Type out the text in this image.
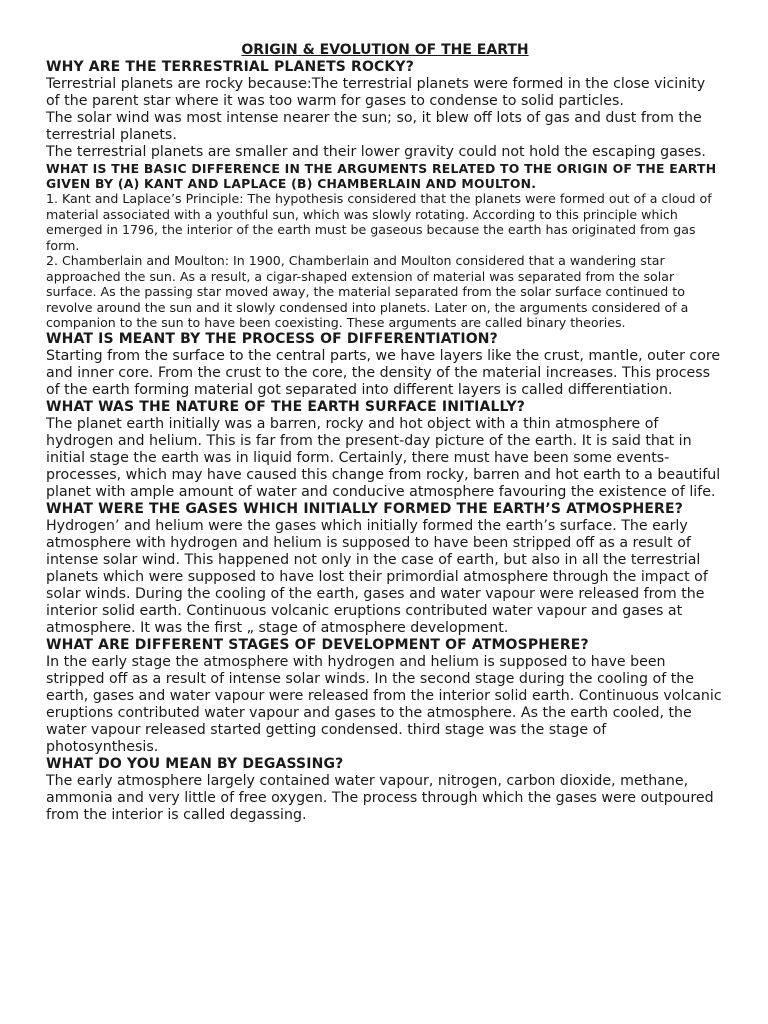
ORIGIN & EVOLUTION OF THE EARTH
WHY ARE THE TERRESTRIAL PLANETS ROCKY?

Terrestrial planets are rocky because:The terrestrial planets were formed in the close vicinity of the parent star where it was too warm for gases to condense to solid particles.

The solar wind was most intense nearer the sun; so, it blew off lots of gas and dust from the terrestrial planets.

The terrestrial planets are smaller and their lower gravity could not hold the escaping gases.

WHAT IS THE BASIC DIFFERENCE IN THE ARGUMENTS RELATED TO THE ORIGIN OF THE EARTH GIVEN BY (A) KANT AND LAPLACE (B) CHAMBERLAIN AND MOULTON.

1. Kant and Laplace’s Principle: The hypothesis considered that the planets were formed out of a cloud of material associated with a youthful sun, which was slowly rotating. According to this principle which emerged in 1796, the interior of the earth must be gaseous because the earth has originated from gas form.

2. Chamberlain and Moulton: In 1900, Chamberlain and Moulton considered that a wandering star approached the sun. As a result, a cigar-shaped extension of material was separated from the solar surface. As the passing star moved away, the material separated from the solar surface continued to revolve around the sun and it slowly condensed into planets. Later on, the arguments considered of a companion to the sun to have been coexisting. These arguments are called binary theories.

WHAT IS MEANT BY THE PROCESS OF DIFFERENTIATION?

Starting from the surface to the central parts, we have layers like the crust, mantle, outer core and inner core. From the crust to the core, the density of the material increases. This process of the earth forming material got separated into different layers is called differentiation.

WHAT WAS THE NATURE OF THE EARTH SURFACE INITIALLY?

The planet earth initially was a barren, rocky and hot object with a thin atmosphere of hydrogen and helium. This is far from the present-day picture of the earth. It is said that in initial stage the earth was in liquid form. Certainly, there must have been some events- processes, which may have caused this change from rocky, barren and hot earth to a beautiful planet with ample amount of water and conducive atmosphere favouring the existence of life.

WHAT WERE THE GASES WHICH INITIALLY FORMED THE EARTH’S ATMOSPHERE?

Hydrogen’ and helium were the gases which initially formed the earth’s surface. The early atmosphere with hydrogen and helium is supposed to have been stripped off as a result of intense solar wind. This happened not only in the case of earth, but also in all the terrestrial planets which were supposed to have lost their primordial atmosphere through the impact of solar winds. During the cooling of the earth, gases and water vapour were released from the interior solid earth. Continuous volcanic eruptions contributed water vapour and gases at atmosphere. It was the first „ stage of atmosphere development.

WHAT ARE DIFFERENT STAGES OF DEVELOPMENT OF ATMOSPHERE?

In the early stage the atmosphere with hydrogen and helium is supposed to have been stripped off as a result of intense solar winds. In the second stage during the cooling of the earth, gases and water vapour were released from the interior solid earth. Continuous volcanic eruptions contributed water vapour and gases to the atmosphere. As the earth cooled, the water vapour released started getting condensed. third stage was the stage of photosynthesis.

WHAT DO YOU MEAN BY DEGASSING?

The early atmosphere largely contained water vapour, nitrogen, carbon dioxide, methane, ammonia and very little of free oxygen. The process through which the gases were outpoured from the interior is called degassing.
